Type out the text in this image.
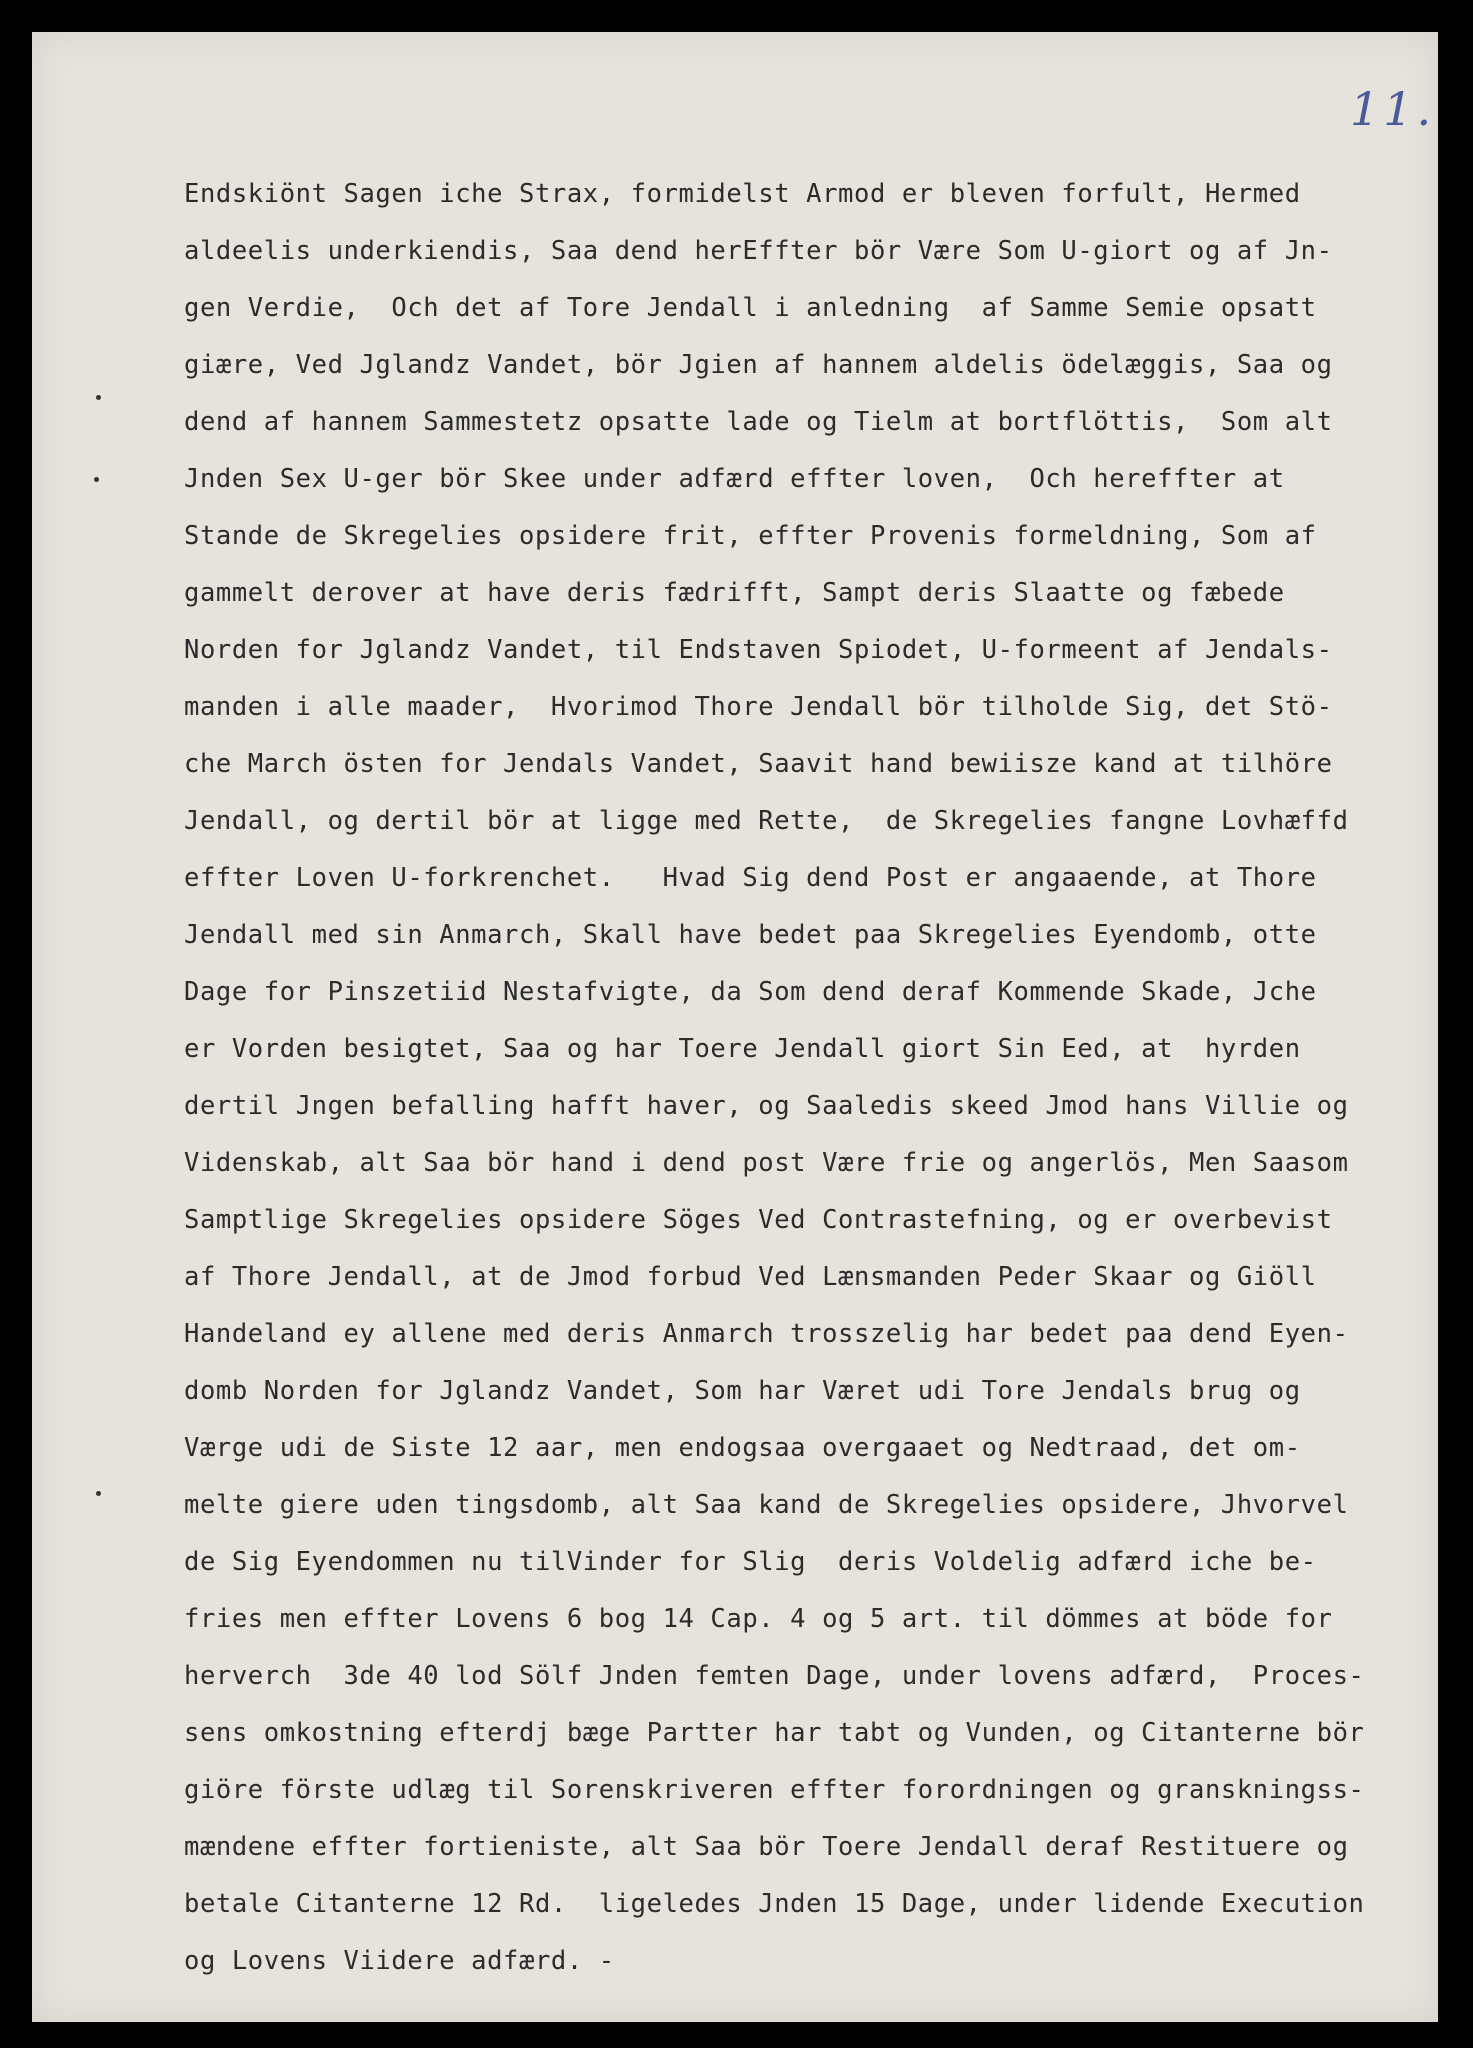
11.
Endskiönt Sagen iche Strax, formidelst Armod er bleven forfult, Hermed
aldeelis underkiendis, Saa dend herEffter bör Være Som U-giort og af Jn-
gen Verdie,  Och det af Tore Jendall i anledning  af Samme Semie opsatt
giære, Ved Jglandz Vandet, bör Jgien af hannem aldelis ödelæggis, Saa og
dend af hannem Sammestetz opsatte lade og Tielm at bortflöttis,  Som alt
Jnden Sex U-ger bör Skee under adfærd effter loven,  Och hereffter at
Stande de Skregelies opsidere frit, effter Provenis formeldning, Som af
gammelt derover at have deris fædrifft, Sampt deris Slaatte og fæbede
Norden for Jglandz Vandet, til Endstaven Spiodet, U-formeent af Jendals-
manden i alle maader,  Hvorimod Thore Jendall bör tilholde Sig, det Stö-
che March östen for Jendals Vandet, Saavit hand bewiisze kand at tilhöre
Jendall, og dertil bör at ligge med Rette,  de Skregelies fangne Lovhæffd
effter Loven U-forkrenchet.   Hvad Sig dend Post er angaaende, at Thore
Jendall med sin Anmarch, Skall have bedet paa Skregelies Eyendomb, otte
Dage for Pinszetiid Nestafvigte, da Som dend deraf Kommende Skade, Jche
er Vorden besigtet, Saa og har Toere Jendall giort Sin Eed, at  hyrden
dertil Jngen befalling hafft haver, og Saaledis skeed Jmod hans Villie og
Videnskab, alt Saa bör hand i dend post Være frie og angerlös, Men Saasom
Samptlige Skregelies opsidere Söges Ved Contrastefning, og er overbevist
af Thore Jendall, at de Jmod forbud Ved Lænsmanden Peder Skaar og Giöll
Handeland ey allene med deris Anmarch trosszelig har bedet paa dend Eyen-
domb Norden for Jglandz Vandet, Som har Været udi Tore Jendals brug og
Værge udi de Siste 12 aar, men endogsaa overgaaet og Nedtraad, det om-
melte giere uden tingsdomb, alt Saa kand de Skregelies opsidere, Jhvorvel
de Sig Eyendommen nu tilVinder for Slig  deris Voldelig adfærd iche be-
fries men effter Lovens 6 bog 14 Cap. 4 og 5 art. til dömmes at böde for
herverch  3de 40 lod Sölf Jnden femten Dage, under lovens adfærd,  Proces-
sens omkostning efterdj bæge Partter har tabt og Vunden, og Citanterne bör
giöre förste udlæg til Sorenskriveren effter forordningen og granskningss-
mændene effter fortieniste, alt Saa bör Toere Jendall deraf Restituere og
betale Citanterne 12 Rd.  ligeledes Jnden 15 Dage, under lidende Execution
og Lovens Viidere adfærd. -
